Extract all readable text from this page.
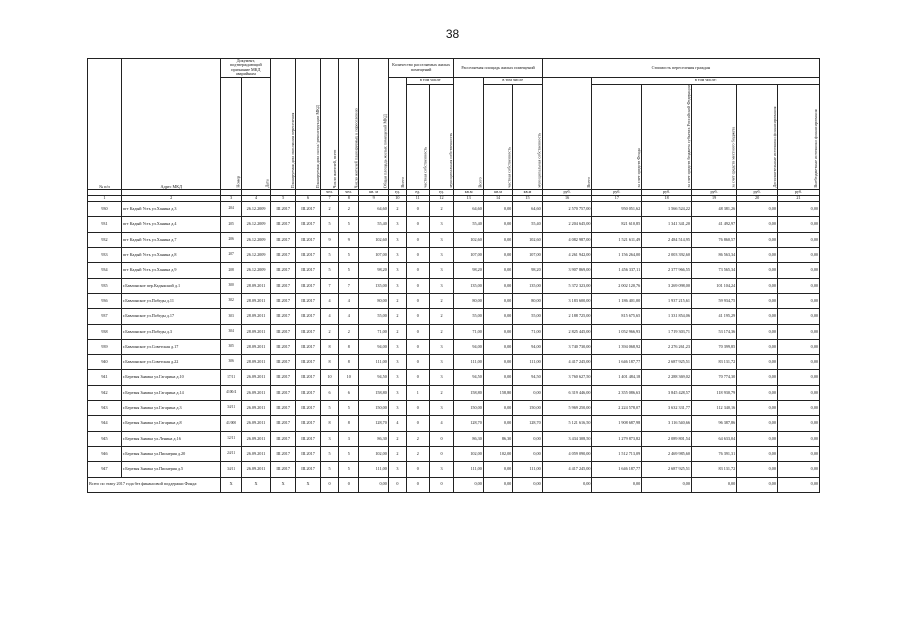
38
№ п/п	Адрес МКД	Документ, подтверждающий признание МКД аварийным		Планируемая дата окончания переселения	Планируемая дата сноса/ реконструкции МКД	Число жителей, всего	Число жителей планируемых к переселению	Общая площадь жилых помещений МКД	Количество расселяемых жилых помещений			Расселяемая площадь жилых помещений			Стоимость переселения граждан					
		Номер	Дата						Всего	в том числе		Всего	в том числе		Всего	в том числе:				
										частная собственность	муниципальная собственность		частная собственность	муниципальная собственность		за счет средств Фонда	за счет средств бюджета субъекта Российской Федерации	за счет средств местного бюджета	Дополнительные источники финансирования	Внебюджетные источники финансирования
						чел.	чел.	кв. м	ед.	ед.	ед.	кв.м	кв.м	кв.м	руб.	руб.	руб.	руб.	руб.	руб.
1	2	3	4	5	6	7	8	9	10	11	12	13	14	15	16	17	18	19	20	21
930	пгт Кадый Усть ул.Ханина д.3	204	26.12.2009	III.2017	III.2017	2	2	64,60	2	0	2	64,60	0,00	64,60	2 570 757,00	950 051,62	1 566 524,22	48 381,26	0,00	0,00
931	пгт Кадый Усть ул.Ханина д.4	205	26.12.2009	III.2017	III.2017	5	5	55,40	3	0	3	55,40	0,00	55,40	2 204 645,00	821 610,85	1 341 341,20	41 492,97	0,00	0,00
932	пгт Кадый Усть ул.Ханина д.7	206	26.12.2009	III.2017	III.2017	9	9	102,60	3	0	3	102,60	0,00	102,60	4 082 987,00	1 521 611,49	2 484 514,95	76 860,57	0,00	0,00
933	пгт Кадый Усть ул.Ханина д.8	207	26.12.2009	III.2017	III.2017	5	5	107,00	3	0	3	107,00	0,00	107,00	4 261 942,00	1 156 264,00	2 003 392,60	86 563,34	0,00	0,00
934	пгт Кадый Усть ул.Ханина д.9	208	26.12.2009	III.2017	III.2017	5	5	98,20	3	0	3	98,20	0,00	98,20	3 907 869,00	1 456 337,11	2 377 966,55	73 565,34	0,00	0,00
935	г.Бавлинское пер.Кадыкский д.1	300	28.09.2011	III.2017	III.2017	7	7	135,00	3	0	3	135,00	0,00	135,00	5 372 323,00	2 002 120,76	3 269 098,00	101 104,24	0,00	0,00
936	г.Бавлинское ул.Победы д.11	302	28.09.2011	III.2017	III.2017	4	4	80,00	2	0	2	80,00	0,00	80,00	3 183 600,00	1 186 401,00	1 937 215,61	59 934,75	0,00	0,00
937	г.Бавлинское ул.Победы д.17	303	28.09.2011	III.2017	III.2017	4	4	55,00	2	0	2	55,00	0,00	55,00	2 188 725,00	815 675,65	1 331 854,06	41 195,29	0,00	0,00
938	г.Бавлинское ул.Победы д.3	304	28.09.2011	III.2017	III.2017	2	2	71,00	2	0	2	71,00	0,00	71,00	2 825 445,00	1 052 966,93	1 719 303,71	53 174,36	0,00	0,00
939	г.Бавлинское ул.Советская д.17	305	28.09.2011	III.2017	III.2017	8	8	94,00	3	0	3	94,00	0,00	94,00	3 740 730,00	1 394 068,92	2 276 261,23	70 399,85	0,00	0,00
940	г.Бавлинское ул.Советская д.22	306	28.09.2011	III.2017	III.2017	8	8	111,00	3	0	3	111,00	0,00	111,00	4 417 245,00	1 646 187,77	2 687 925,51	83 131,72	0,00	0,00
941	г.Березня Знамка ул.Гагарина д.10	17/11	26.09.2011	III.2017	III.2017	10	10	94,50	3	0	3	94,50	0,00	94,50	3 760 627,50	1 401 484,18	2 288 369,02	70 774,30	0,00	0,00
942	г.Березня Знамка ул.Гагарина д.14	4100/4	26.09.2011	III.2017	III.2017	6	6	158,80	3	1	2	158,80	158,80	0,00	6 319 446,00	2 355 086,63	3 845 428,57	118 930,79	0,00	0,00
943	г.Березня Знамка ул.Гагарина д.3	34/11	26.09.2011	III.2017	III.2017	5	5	150,00	3	0	3	150,00	0,00	150,00	5 969 250,00	2 224 578,07	3 632 331,77	112 340,16	0,00	0,00
944	г.Березня Знамка ул.Гагарина д.8	41/000	26.09.2011	III.2017	III.2017	8	8	128,70	4	0	4	128,70	0,00	128,70	5 121 616,50	1 908 687,98	3 116 540,66	96 387,86	0,00	0,00
945	г.Березня Знамка ул.Ленина д.16	12/11	26.09.2011	III.2017	III.2017	3	3	86,30	2	2	0	86,30	86,30	0,00	3 434 308,50	1 279 873,82	2 089 801,54	64 633,04	0,00	0,00
946	г.Березня Знамка ул.Пионерия д.20	24/11	26.09.2011	III.2017	III.2017	5	5	102,00	2	2	0	102,00	102,00	0,00	4 059 090,00	1 512 713,09	2 469 985,60	76 391,31	0,00	0,00
947	г.Березня Знамка ул.Пионерия д.5	34/11	26.09.2011	III.2017	III.2017	5	5	111,00	3	0	3	111,00	0,00	111,00	4 417 245,00	1 646 187,77	2 687 925,51	83 131,72	0,00	0,00
Всего по этапу 2017 года без финансовой поддержки Фонда:		X	X	X	X	0	0	0,00	0	0	0	0,00	0,00	0,00	0,00	0,00	0,00	0,00	0,00	0,00
